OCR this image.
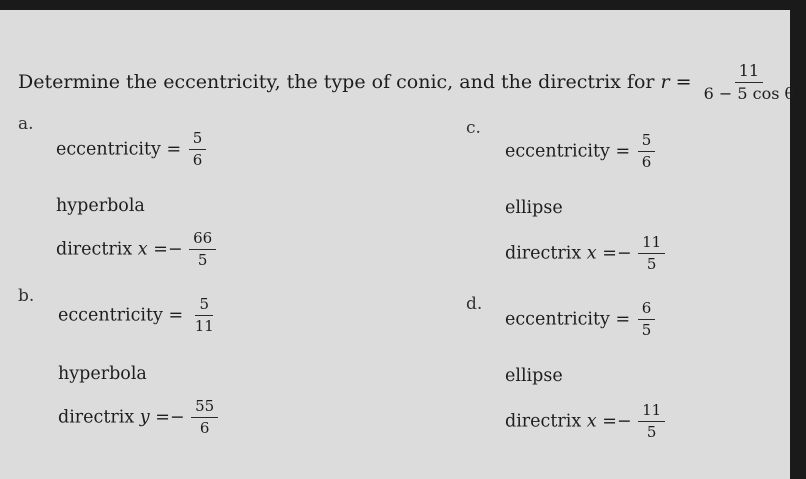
Determine the eccentricity, the type of conic, and the directrix for $r = \frac{11}{\text{6 − 5 cos θ}}$ .
a.
eccentricity = $\frac{5}{6}$
hyperbola
directrix $x =- \frac{66}{5}$
b.
eccentricity = $\frac{5}{11}$
hyperbola
directrix $y =- \frac{55}{6}$
c.
eccentricity = $\frac{5}{6}$
ellipse
directrix $x =- \frac{11}{5}$
d.
eccentricity = $\frac{6}{5}$
ellipse
directrix $x =- \frac{11}{5}$
